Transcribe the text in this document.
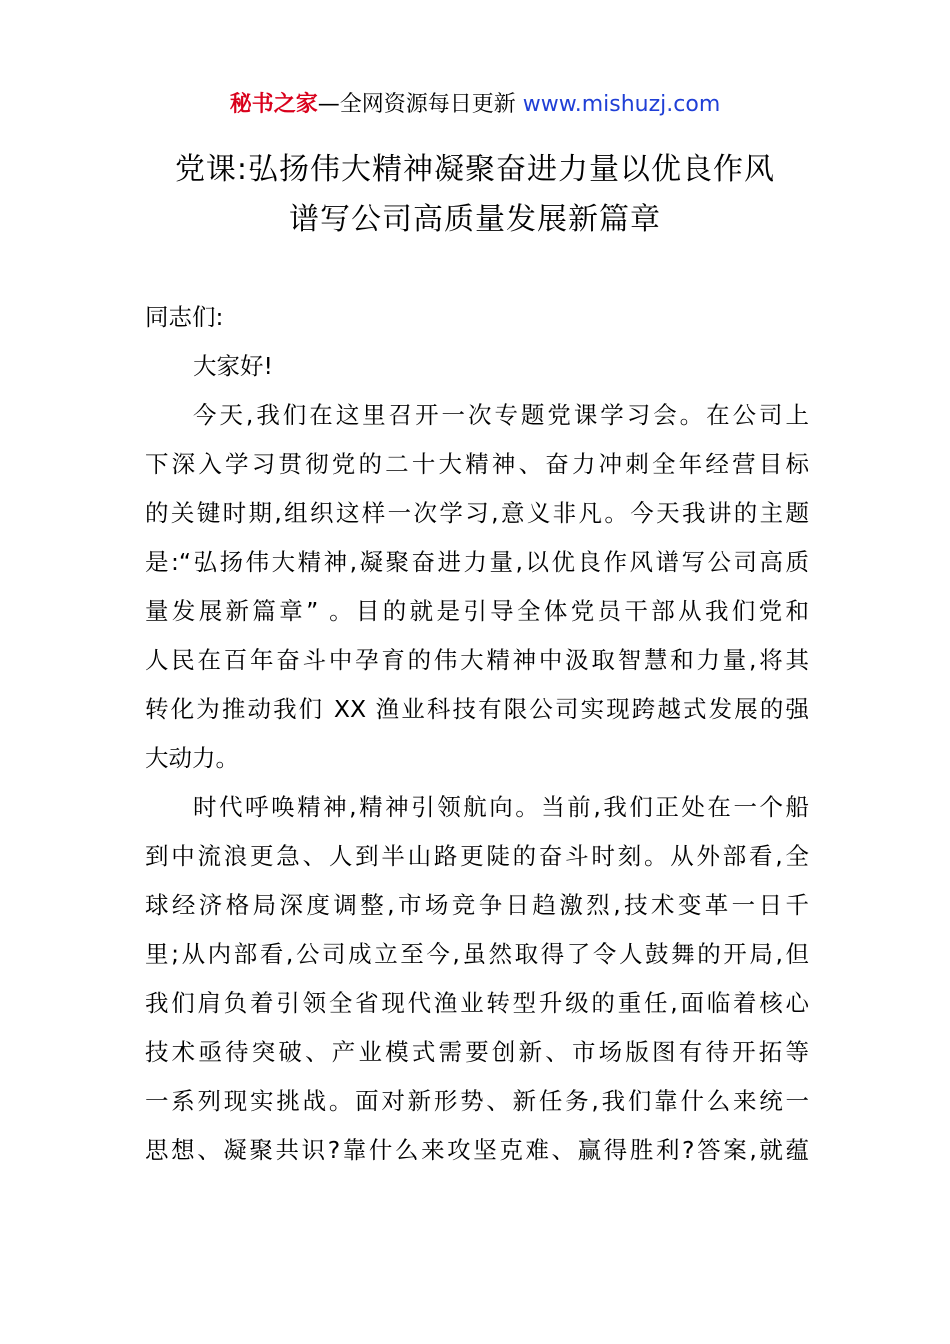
秘书之家—全网资源每日更新 www.mishuzj.com
党课:弘扬伟大精神凝聚奋进力量以优良作风
谱写公司高质量发展新篇章
同志们:
大家好!
今天,我们在这里召开一次专题党课学习会。在公司上
下深入学习贯彻党的二十大精神、奋力冲刺全年经营目标
的关键时期,组织这样一次学习,意义非凡。今天我讲的主题
是:“弘扬伟大精神,凝聚奋进力量,以优良作风谱写公司高质
量发展新篇章” 。目的就是引导全体党员干部从我们党和
人民在百年奋斗中孕育的伟大精神中汲取智慧和力量,将其
转化为推动我们 XX 渔业科技有限公司实现跨越式发展的强
大动力。
时代呼唤精神,精神引领航向。当前,我们正处在一个船
到中流浪更急、人到半山路更陡的奋斗时刻。从外部看,全
球经济格局深度调整,市场竞争日趋激烈,技术变革一日千
里;从内部看,公司成立至今,虽然取得了令人鼓舞的开局,但
我们肩负着引领全省现代渔业转型升级的重任,面临着核心
技术亟待突破、产业模式需要创新、市场版图有待开拓等
一系列现实挑战。面对新形势、新任务,我们靠什么来统一
思想、凝聚共识?靠什么来攻坚克难、赢得胜利?答案,就蕴
